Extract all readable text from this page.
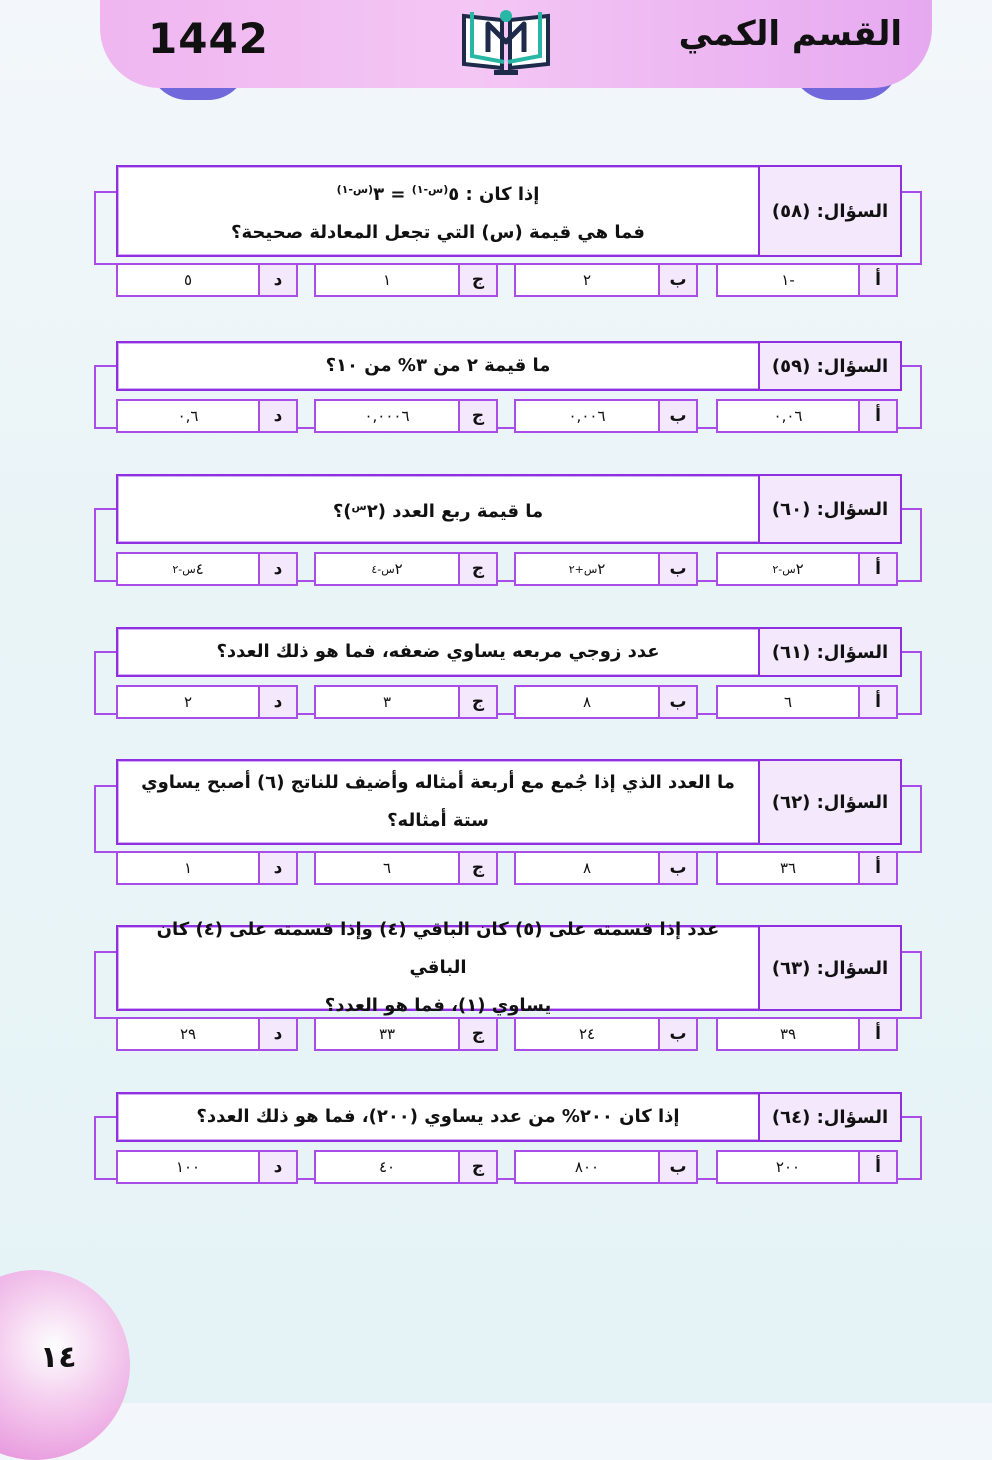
1442	القسم الكمي
إذا كان : $٥^{(س-١)}$ = $٣^{(س-١)}$
فما هي قيمة (س) التي تجعل المعادلة صحيحة؟
السؤال: (٥٨)
أ
-١
ب
٢
ج
١
د
٥
ما قيمة ٢ من ٣% من ١٠؟	السؤال: (٥٩)
أ
٠,٠٦
ب
٠,٠٠٦
ج
٠,٠٠٠٦
د
٠,٦
ما قيمة ربع العدد $(٢^س)؟$	السؤال: (٦٠)
أ
٢
س-٢
ب
٢
س+٢
ج
٢
س-٤
د
٤
س-٢
عدد زوجي مربعه يساوي ضعفه، فما هو ذلك العدد؟	السؤال: (٦١)
أ
٦
ب
٨
ج
٣
د
٢
ما العدد الذي إذا جُمع مع أربعة أمثاله وأضيف للناتج (٦) أصبح يساوي
ستة أمثاله؟
السؤال: (٦٢)
أ
٣٦
ب
٨
ج
٦
د
١
عدد إذا قسمته على (٥) كان الباقي (٤) وإذا قسمته على (٤) كان الباقي
يساوي (١)، فما هو العدد؟
السؤال: (٦٣)
أ
٣٩
ب
٢٤
ج
٣٣
د
٢٩
إذا كان ٢٠٠% من عدد يساوي (٢٠٠)، فما هو ذلك العدد؟	السؤال: (٦٤)
أ
٢٠٠
ب
٨٠٠
ج
٤٠
د
١٠٠
١٤
